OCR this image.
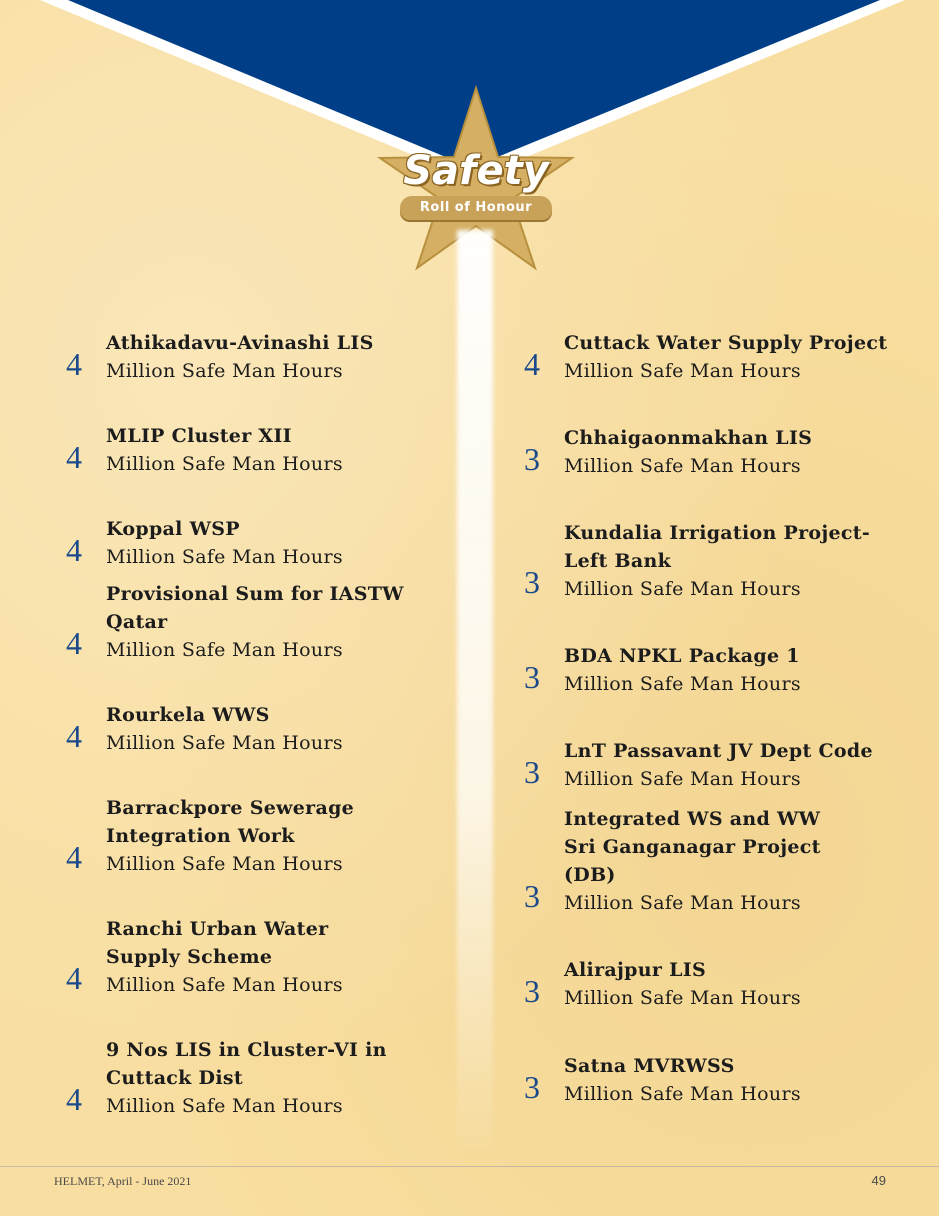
Safety
Roll of Honour
4
Athikadavu-Avinashi LIS
Million Safe Man Hours
4
MLIP Cluster XII
Million Safe Man Hours
4
Koppal WSP
Million Safe Man Hours
4
Provisional Sum for IASTW Qatar
Million Safe Man Hours
4
Rourkela WWS
Million Safe Man Hours
4
Barrackpore Sewerage Integration Work
Million Safe Man Hours
4
Ranchi Urban Water Supply Scheme
Million Safe Man Hours
4
9 Nos LIS in Cluster-VI in Cuttack Dist
Million Safe Man Hours
4
Cuttack Water Supply Project
Million Safe Man Hours
3
Chhaigaonmakhan LIS
Million Safe Man Hours
3
Kundalia Irrigation Project-Left Bank
Million Safe Man Hours
3
BDA NPKL Package 1
Million Safe Man Hours
3
LnT Passavant JV Dept Code
Million Safe Man Hours
3
Integrated WS and WW Sri Ganganagar Project (DB)
Million Safe Man Hours
3
Alirajpur LIS
Million Safe Man Hours
3
Satna MVRWSS
Million Safe Man Hours
HELMET, April - June 2021	49
